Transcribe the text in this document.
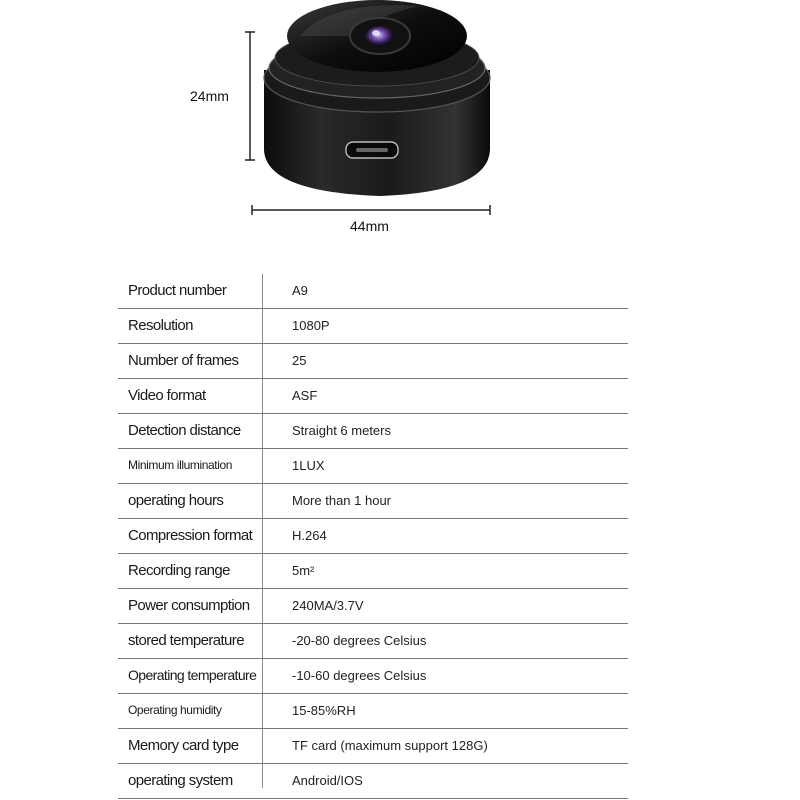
24mm
44mm
Product number	A9
Resolution	1080P
Number of frames	25
Video format	ASF
Detection distance	Straight 6 meters
Minimum illumination	1LUX
operating hours	More than 1 hour
Compression format	H.264
Recording range	5m²
Power consumption	240MA/3.7V
stored temperature	-20-80 degrees Celsius
Operating temperature	-10-60 degrees Celsius
Operating humidity	15-85%RH
Memory card type	TF card (maximum support 128G)
operating system	Android/IOS
